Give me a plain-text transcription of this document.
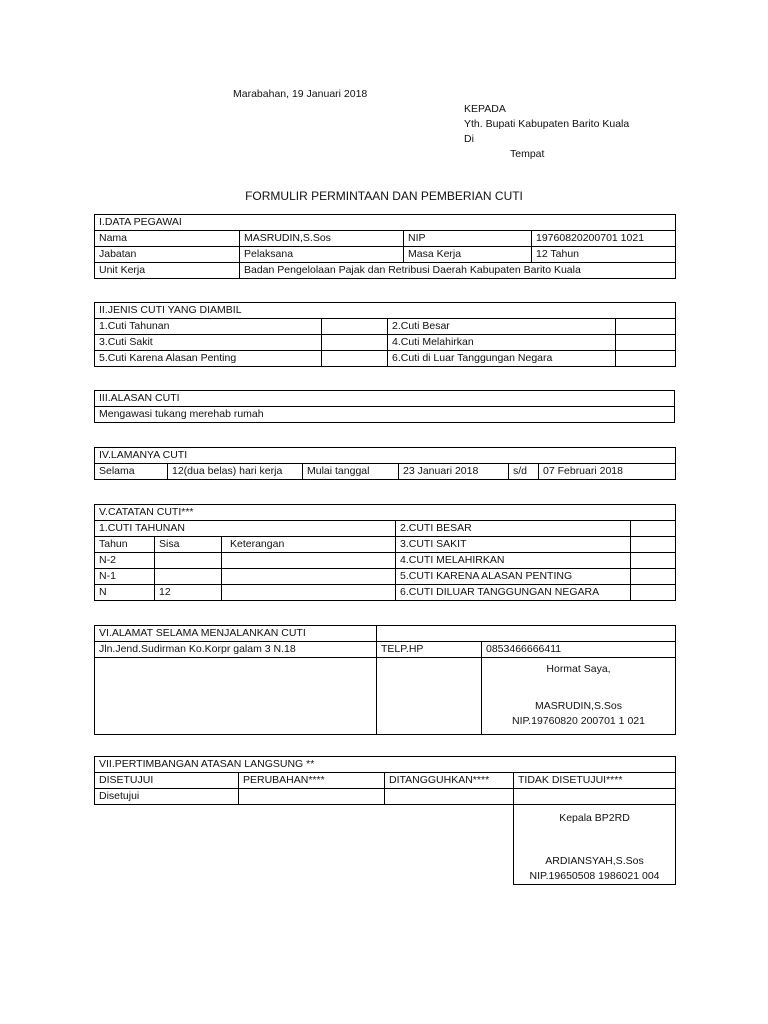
Marabahan, 19 Januari 2018
KEPADA
Yth. Bupati Kabupaten Barito Kuala
Di
Tempat
FORMULIR PERMINTAAN DAN PEMBERIAN CUTI
I.DATA PEGAWAI			
Nama	MASRUDIN,S.Sos	NIP	19760820200701 1021
Jabatan	Pelaksana	Masa Kerja	12 Tahun
Unit Kerja	Badan Pengelolaan Pajak dan Retribusi Daerah Kabupaten Barito Kuala		
II.JENIS CUTI YANG DIAMBIL			
1.Cuti Tahunan		2.Cuti Besar	
3.Cuti Sakit		4.Cuti Melahirkan	
5.Cuti Karena Alasan Penting		6.Cuti di Luar Tanggungan Negara	
III.ALASAN CUTI
Mengawasi tukang merehab rumah
IV.LAMANYA CUTI
Selama	12(dua belas) hari kerja	Mulai tanggal	23 Januari 2018	s/d	07 Februari 2018
V.CATATAN CUTI***				
1.CUTI TAHUNAN			2.CUTI BESAR	
Tahun	Sisa	Keterangan	3.CUTI SAKIT	
N-2			4.CUTI MELAHIRKAN	
N-1			5.CUTI KARENA ALASAN PENTING	
N	12		6.CUTI DILUAR TANGGUNGAN NEGARA	
VI.ALAMAT SELAMA MENJALANKAN CUTI		
Jln.Jend.Sudirman Ko.Korpr galam 3 N.18	TELP.HP	0853466666411

		Hormat Saya,
MASRUDIN,S.Sos
NIP.19760820 200701 1 021
VII.PERTIMBANGAN ATASAN LANGSUNG **			
DISETUJUI	PERUBAHAN****	DITANGGUHKAN****	TIDAK DISETUJUI****
Disetujui			

			Kepala BP2RD
ARDIANSYAH,S.Sos
NIP.19650508 1986021 004
